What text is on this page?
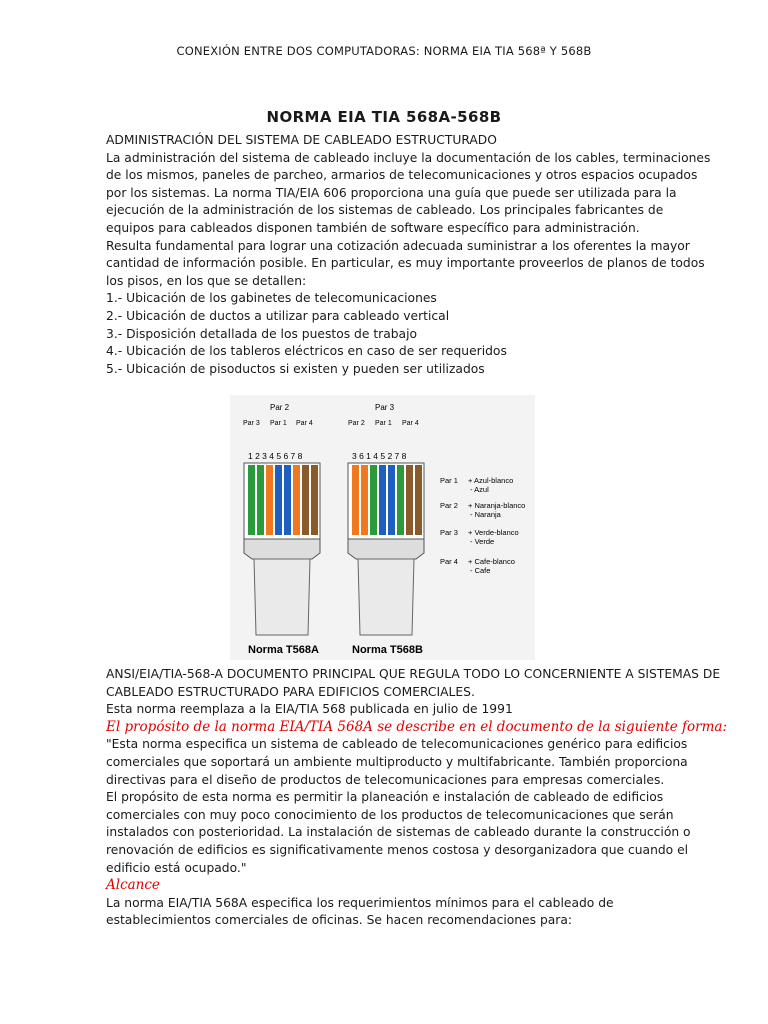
CONEXIÓN ENTRE DOS COMPUTADORAS: NORMA EIA TIA 568ª Y 568B
NORMA EIA TIA 568A-568B
ADMINISTRACIÓN DEL SISTEMA DE CABLEADO ESTRUCTURADO
La administración del sistema de cableado incluye la documentación de los cables, terminaciones
de los mismos, paneles de parcheo, armarios de telecomunicaciones y otros espacios ocupados
por los sistemas. La norma TIA/EIA 606 proporciona una guía que puede ser utilizada para la
ejecución de la administración de los sistemas de cableado. Los principales fabricantes de
equipos para cableados disponen también de software específico para administración.
Resulta fundamental para lograr una cotización adecuada suministrar a los oferentes la mayor
cantidad de información posible. En particular, es muy importante proveerlos de planos de todos
los pisos, en los que se detallen:
1.- Ubicación de los gabinetes de telecomunicaciones
2.- Ubicación de ductos a utilizar para cableado vertical
3.- Disposición detallada de los puestos de trabajo
4.- Ubicación de los tableros eléctricos en caso de ser requeridos
5.- Ubicación de pisoductos si existen y pueden ser utilizados
Par 2
Par 3 Par 1 Par 4
1 2 3 4 5 6 7 8
Norma T568A
Par 3
Par 2 Par 1 Par 4
3 6 1 4 5 2 7 8
Norma T568B
Par 1 + Azul-blanco
- Azul
Par 2 + Naranja-blanco
- Naranja
Par 3 + Verde-blanco
- Verde
Par 4 + Cafe-blanco
- Cafe
ANSI/EIA/TIA-568-A DOCUMENTO PRINCIPAL QUE REGULA TODO LO CONCERNIENTE A SISTEMAS DE
CABLEADO ESTRUCTURADO PARA EDIFICIOS COMERCIALES.
Esta norma reemplaza a la EIA/TIA 568 publicada en julio de 1991
El propósito de la norma EIA/TIA 568A se describe en el documento de la siguiente forma:
"Esta norma especifica un sistema de cableado de telecomunicaciones genérico para edificios
comerciales que soportará un ambiente multiproducto y multifabricante. También proporciona
directivas para el diseño de productos de telecomunicaciones para empresas comerciales.
El propósito de esta norma es permitir la planeación e instalación de cableado de edificios
comerciales con muy poco conocimiento de los productos de telecomunicaciones que serán
instalados con posterioridad. La instalación de sistemas de cableado durante la construcción o
renovación de edificios es significativamente menos costosa y desorganizadora que cuando el
edificio está ocupado."
Alcance
La norma EIA/TIA 568A especifica los requerimientos mínimos para el cableado de
establecimientos comerciales de oficinas. Se hacen recomendaciones para:
